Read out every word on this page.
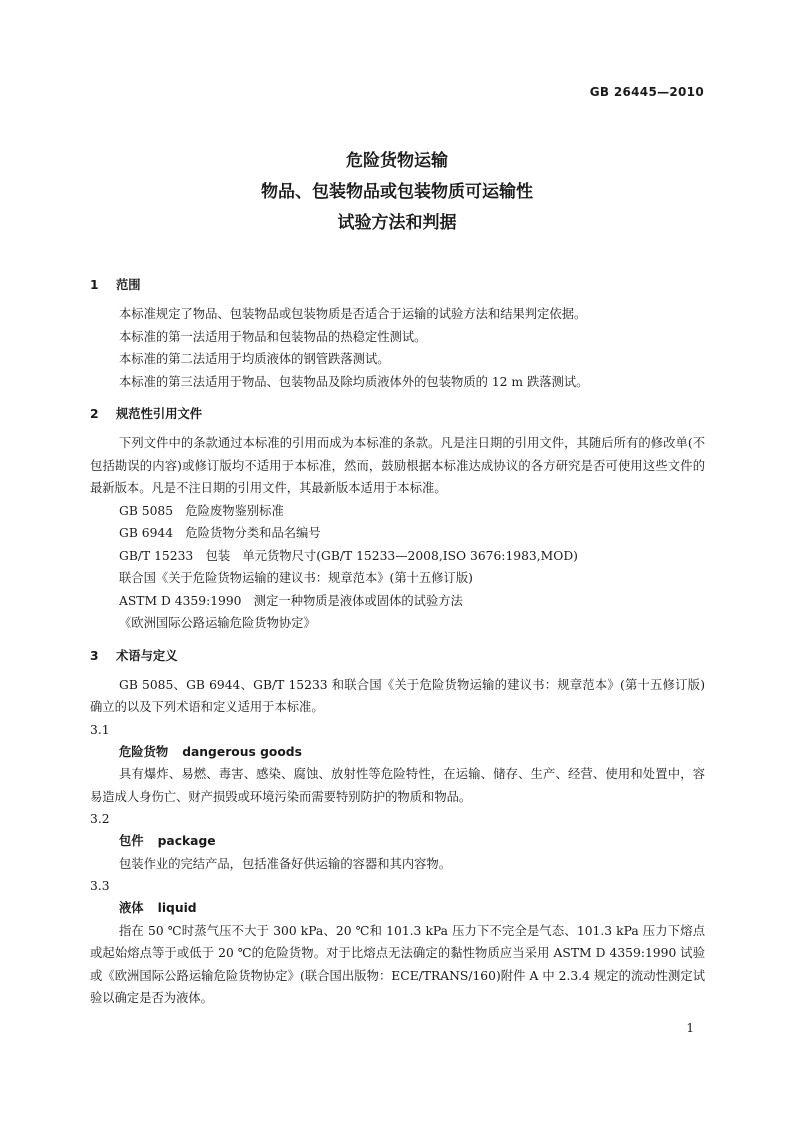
GB 26445—2010
危险货物运输
物品、包装物品或包装物质可运输性
试验方法和判据
1 范围
本标准规定了物品、包装物品或包装物质是否适合于运输的试验方法和结果判定依据。
本标准的第一法适用于物品和包装物品的热稳定性测试。
本标准的第二法适用于均质液体的钢管跌落测试。
本标准的第三法适用于物品、包装物品及除均质液体外的包装物质的 12 m 跌落测试。
2 规范性引用文件
下列文件中的条款通过本标准的引用而成为本标准的条款。凡是注日期的引用文件，其随后所有的修改单(不包括勘误的内容)或修订版均不适用于本标准，然而，鼓励根据本标准达成协议的各方研究是否可使用这些文件的最新版本。凡是不注日期的引用文件，其最新版本适用于本标准。
GB 5085　危险废物鉴别标准
GB 6944　危险货物分类和品名编号
GB/T 15233　包装　单元货物尺寸(GB/T 15233—2008,ISO 3676:1983,MOD)
联合国《关于危险货物运输的建议书：规章范本》(第十五修订版)
ASTM D 4359:1990　测定一种物质是液体或固体的试验方法
《欧洲国际公路运输危险货物协定》
3 术语与定义
GB 5085、GB 6944、GB/T 15233 和联合国《关于危险货物运输的建议书：规章范本》(第十五修订版)确立的以及下列术语和定义适用于本标准。
3.1
危险货物 dangerous goods
具有爆炸、易燃、毒害、感染、腐蚀、放射性等危险特性，在运输、储存、生产、经营、使用和处置中，容易造成人身伤亡、财产损毁或环境污染而需要特别防护的物质和物品。
3.2
包件 package
包装作业的完结产品，包括准备好供运输的容器和其内容物。
3.3
液体 liquid
指在 50 ℃时蒸气压不大于 300 kPa、20 ℃和 101.3 kPa 压力下不完全是气态、101.3 kPa 压力下熔点或起始熔点等于或低于 20 ℃的危险货物。对于比熔点无法确定的黏性物质应当采用 ASTM D 4359:1990 试验或《欧洲国际公路运输危险货物协定》(联合国出版物：ECE/TRANS/160)附件 A 中 2.3.4 规定的流动性测定试验以确定是否为液体。
1
